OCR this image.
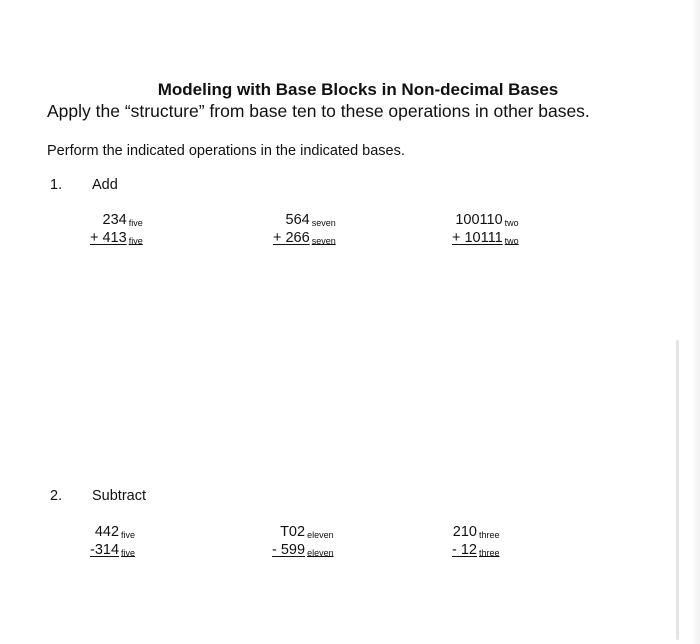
Modeling with Base Blocks in Non-decimal Bases
Apply the “structure” from base ten to these operations in other bases.
Perform the indicated operations in the indicated bases.
1. Add
234 five
+ 413 five
564 seven
+ 266 seven
100110 two
+ 10111 two
2. Subtract
442 five
-314 five
T02 eleven
- 599 eleven
210 three
- 12 three
